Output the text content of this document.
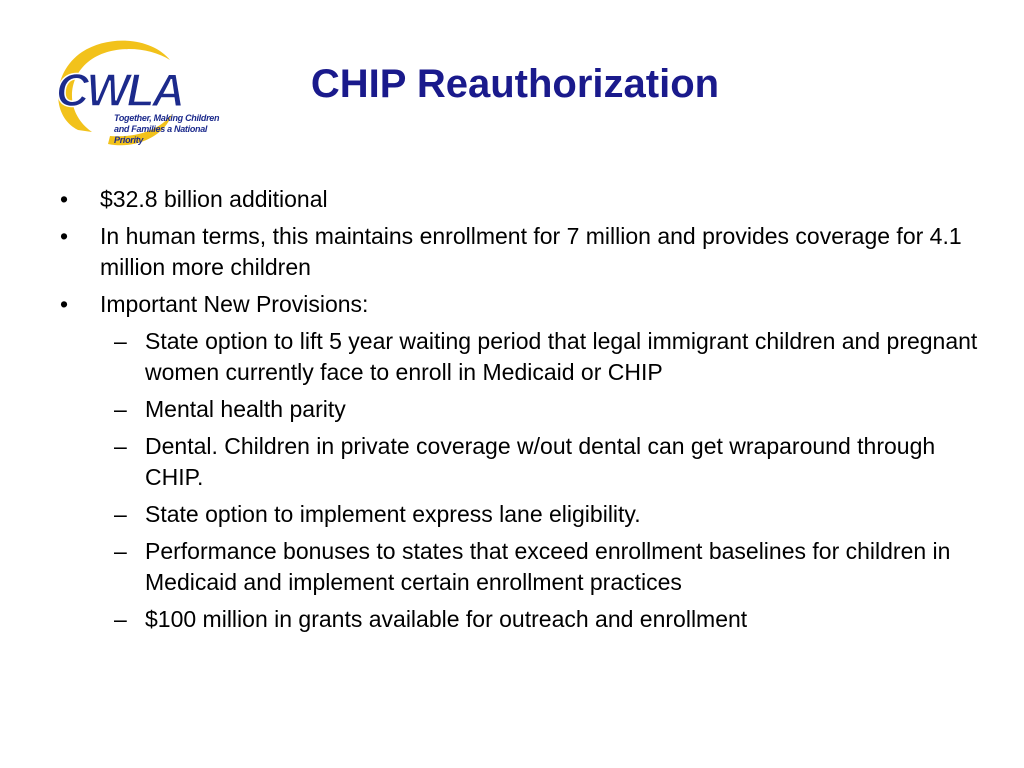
CWLA
Together, Making Children
and Families a National Priority
CHIP Reauthorization
• $32.8 billion additional
• In human terms, this maintains enrollment for 7 million and provides coverage for 4.1 million more children
• Important New Provisions:
– State option to lift 5 year waiting period that legal immigrant children and pregnant women currently face to enroll in Medicaid or CHIP
– Mental health parity
– Dental. Children in private coverage w/out dental can get wraparound through CHIP.
– State option to implement express lane eligibility.
– Performance bonuses to states that exceed enrollment baselines for children in Medicaid and implement certain enrollment practices
– $100 million in grants available for outreach and enrollment
